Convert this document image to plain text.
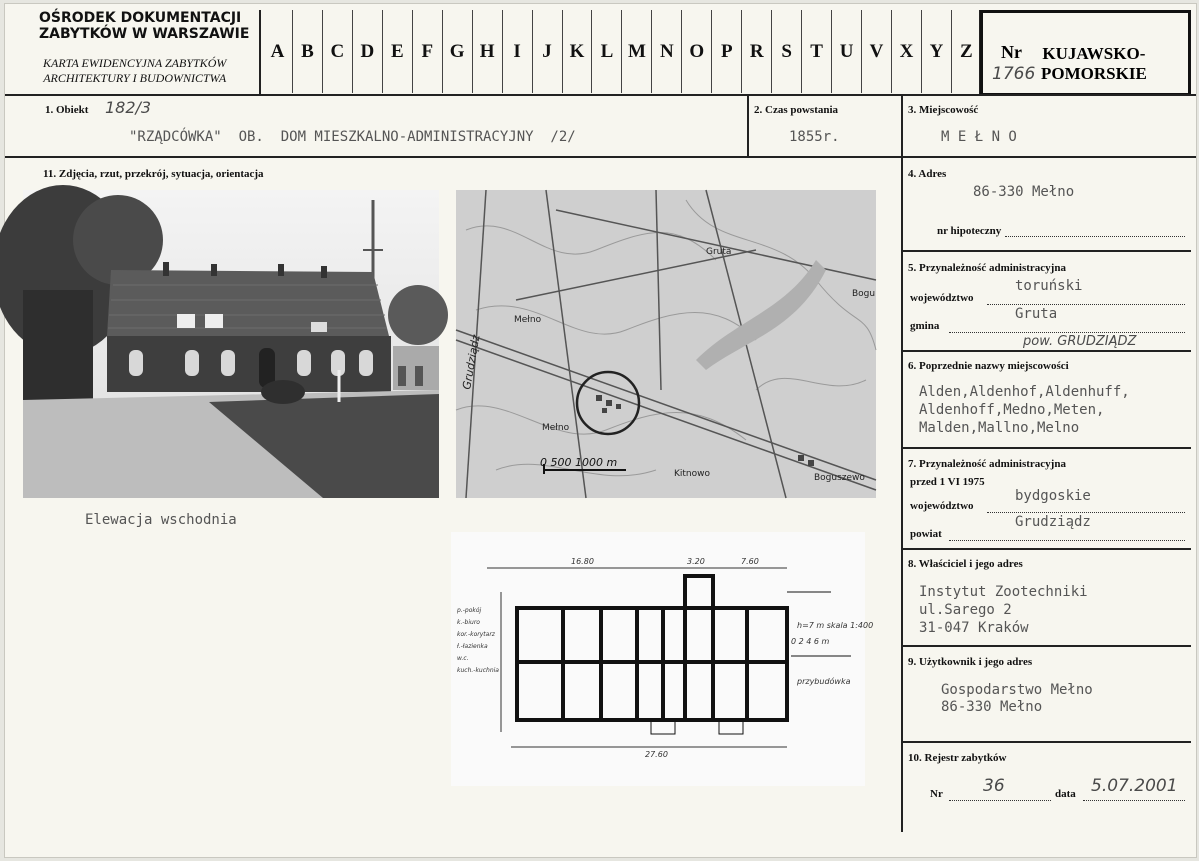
OŚRODEK DOKUMENTACJI
ZABYTKÓW W WARSZAWIE
KARTA EWIDENCYJNA ZABYTKÓW
ARCHITEKTURY I BUDOWNICTWA
A B C D E F G H I	J K L M N O P R S T U V X Y Z	Nr
1766
KUJAWSKO-
POMORSKIE
1. Obiekt 182/3
"RZĄDCÓWKA"  OB.  DOM MIESZKALNO-ADMINISTRACYJNY  /2/
2. Czas powstania
1855r.
3. Miejscowość
M E Ł N O
11. Zdjęcia, rzut, przekrój, sytuacja, orientacja
Gruta
Mełno
Mełno
Kitnowo	Boguszewo
Bogu
0 500 1000 m
Grudziądz
Elewacja wschodnia
16.80	3.20	7.60
27.60
h=7 m skala 1:400
0 2 4 6 m
przybudówka
p.-pokój
k.-biuro
kor.-korytarz
ł.-łazienka
w.c.
kuch.-kuchnia
4. Adres
86-330 Mełno
nr hipoteczny
5. Przynależność administracyjna
województwo
toruński
gmina
Gruta
pow. GRUDZIĄDZ
6. Poprzednie nazwy miejscowości
Alden,Aldenhof,Aldenhuff,
Aldenhoff,Medno,Meten,
Malden,Mallno,Melno
7. Przynależność administracyjna
przed 1 VI 1975
województwo
bydgoskie
powiat
Grudziądz
8. Właściciel i jego adres
Instytut Zootechniki
ul.Sarego 2
31-047 Kraków
9. Użytkownik i jego adres
Gospodarstwo Mełno
86-330 Mełno
10. Rejestr zabytków
Nr 36	data 5.07.2001
